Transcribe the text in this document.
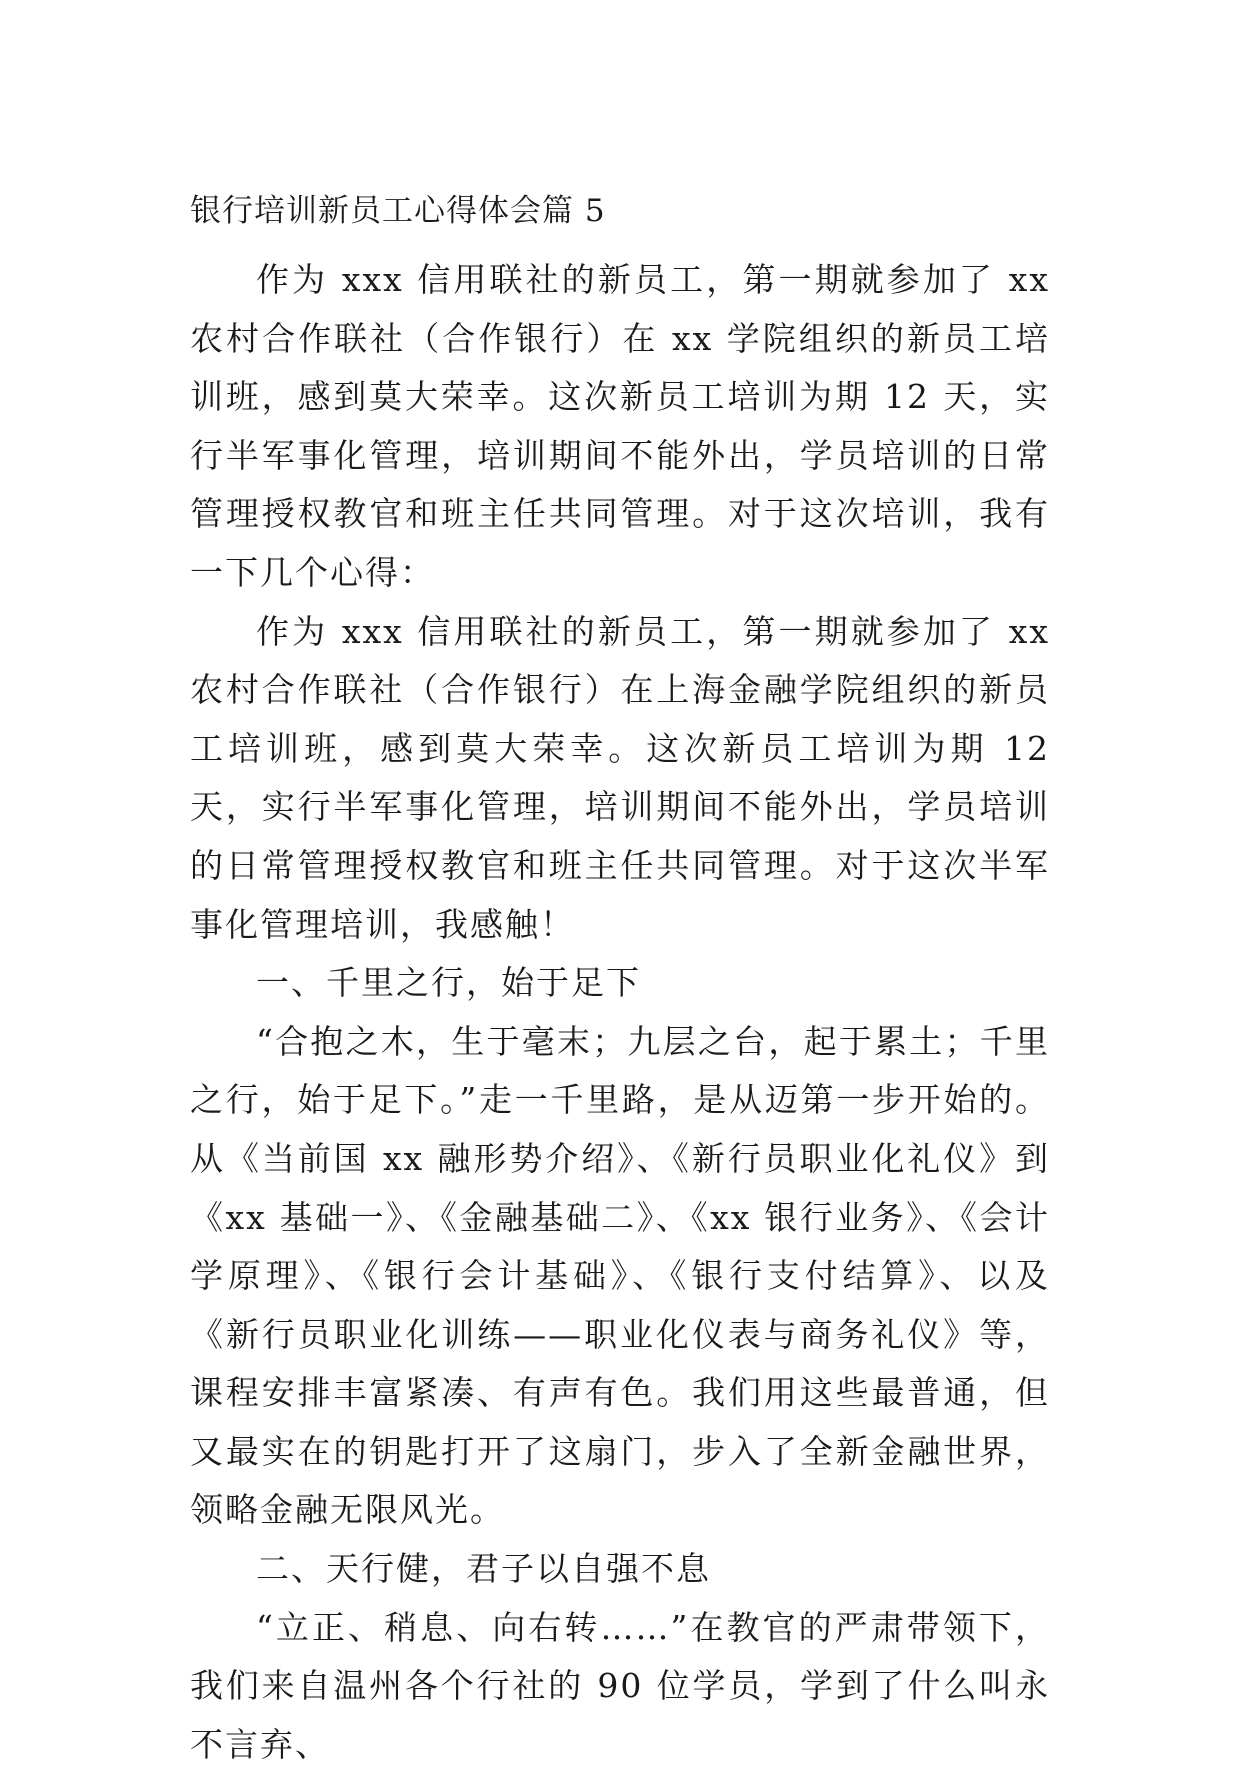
银行培训新员工心得体会篇 5

作为 xxx 信用联社的新员工，第一期就参加了 xx 农村合作联社（合作银行）在 xx 学院组织的新员工培训班，感到莫大荣幸。这次新员工培训为期 12 天，实行半军事化管理，培训期间不能外出，学员培训的日常管理授权教官和班主任共同管理。对于这次培训，我有一下几个心得：

作为 xxx 信用联社的新员工，第一期就参加了 xx 农村合作联社（合作银行）在上海金融学院组织的新员工培训班，感到莫大荣幸。这次新员工培训为期 12 天，实行半军事化管理，培训期间不能外出，学员培训的日常管理授权教官和班主任共同管理。对于这次半军事化管理培训，我感触！

一、千里之行，始于足下

“合抱之木，生于毫末；九层之台，起于累土；千里之行，始于足下。”走一千里路，是从迈第一步开始的。从《当前国 xx 融形势介绍》、《新行员职业化礼仪》到《xx 基础一》、《金融基础二》、《xx 银行业务》、《会计学原理》、《银行会计基础》、《银行支付结算》、以及《新行员职业化训练——职业化仪表与商务礼仪》等，课程安排丰富紧凑、有声有色。我们用这些最普通，但又最实在的钥匙打开了这扇门，步入了全新金融世界，领略金融无限风光。

二、天行健，君子以自强不息

“立正、稍息、向右转……”在教官的严肃带领下，我们来自温州各个行社的 90 位学员，学到了什么叫永不言弃、
